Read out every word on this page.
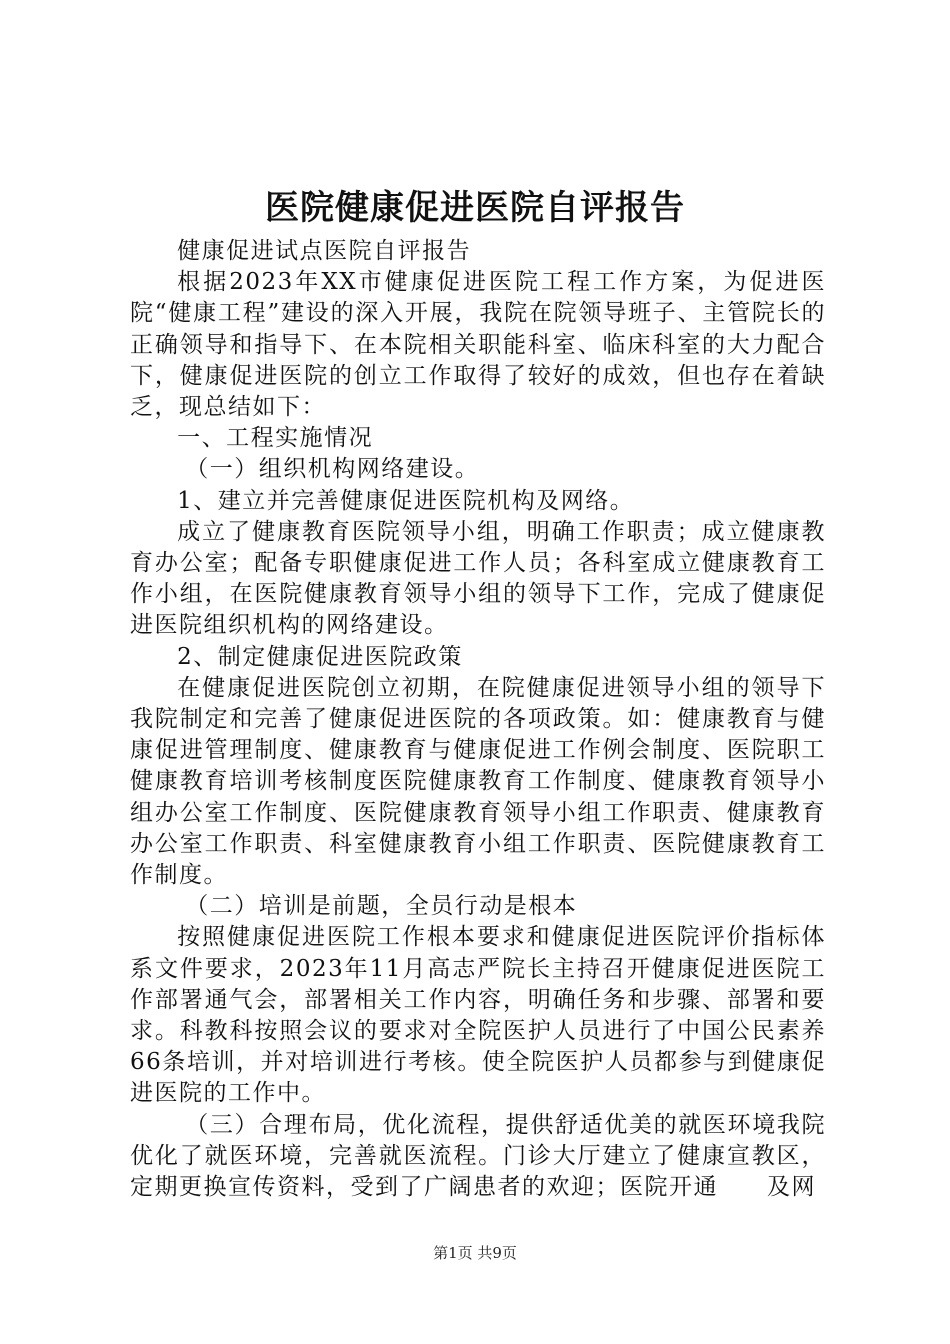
医院健康促进医院自评报告

健康促进试点医院自评报告

根据2023年XX市健康促进医院工程工作方案，为促进医院“健康工程”建设的深入开展，我院在院领导班子、主管院长的正确领导和指导下、在本院相关职能科室、临床科室的大力配合下，健康促进医院的创立工作取得了较好的成效，但也存在着缺乏，现总结如下：

一、工程实施情况

（一）组织机构网络建设。

1、建立并完善健康促进医院机构及网络。

成立了健康教育医院领导小组，明确工作职责；成立健康教育办公室；配备专职健康促进工作人员；各科室成立健康教育工作小组，在医院健康教育领导小组的领导下工作，完成了健康促进医院组织机构的网络建设。

2、制定健康促进医院政策

在健康促进医院创立初期，在院健康促进领导小组的领导下我院制定和完善了健康促进医院的各项政策。如：健康教育与健康促进管理制度、健康教育与健康促进工作例会制度、医院职工健康教育培训考核制度医院健康教育工作制度、健康教育领导小组办公室工作制度、医院健康教育领导小组工作职责、健康教育办公室工作职责、科室健康教育小组工作职责、医院健康教育工作制度。

（二）培训是前题，全员行动是根本

按照健康促进医院工作根本要求和健康促进医院评价指标体系文件要求，2023年11月高志严院长主持召开健康促进医院工作部署通气会，部署相关工作内容，明确任务和步骤、部署和要求。科教科按照会议的要求对全院医护人员进行了中国公民素养66条培训，并对培训进行考核。使全院医护人员都参与到健康促进医院的工作中。

（三）合理布局，优化流程，提供舒适优美的就医环境我院优化了就医环境，完善就医流程。门诊大厅建立了健康宣教区，定期更换宣传资料，受到了广阔患者的欢迎；医院开通　　及网

第1页 共9页
